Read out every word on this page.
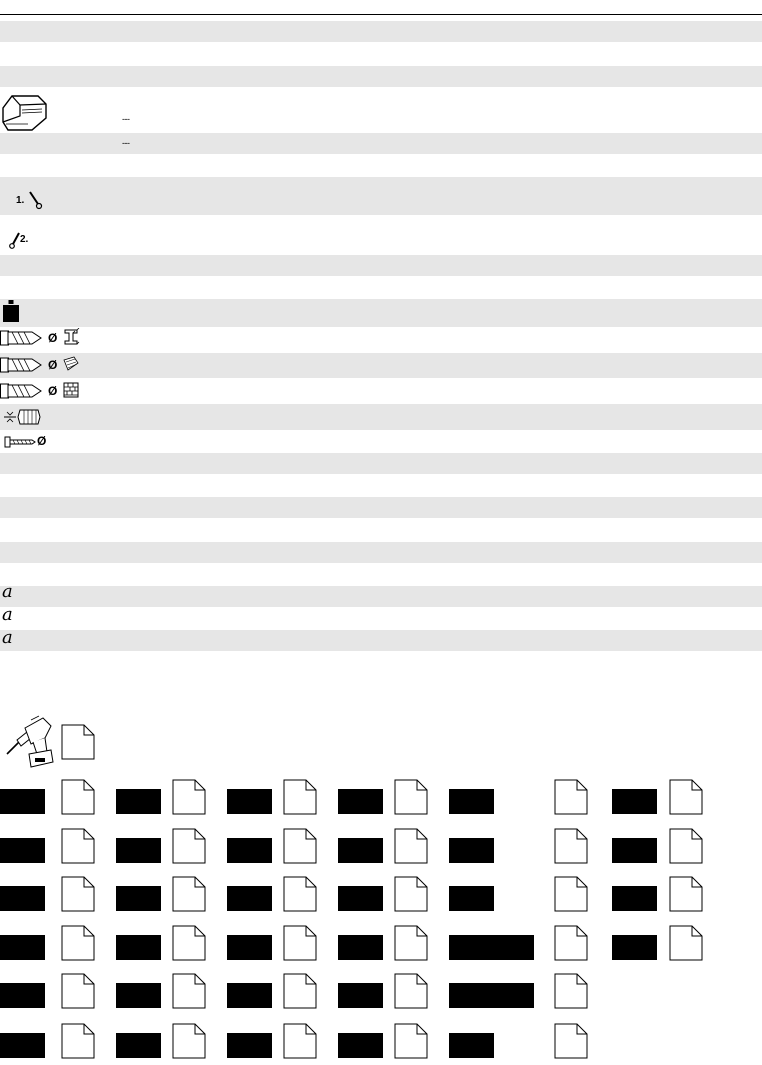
---
---
1.
2.
Ø
Ø
Ø
Ø
a
a
a
